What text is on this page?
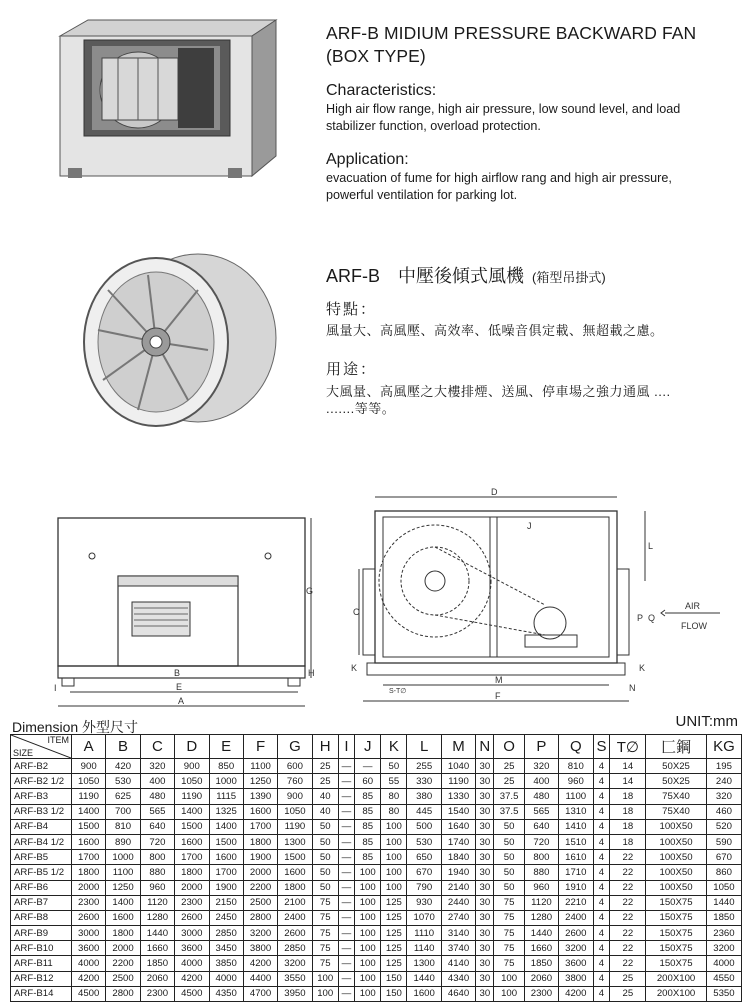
ARF-B MIDIUM PRESSURE BACKWARD FAN
(BOX TYPE)
Characteristics:
High air flow range, high air pressure, low sound level, and load
stabilizer function, overload protection.
Application:
evacuation of fume for high airflow rang and high air pressure,
powerful ventilation for parking lot.
ARF-B　中壓後傾式風機 (箱型吊掛式)
特點：
風量大、高風壓、高效率、低噪音俱定載、無超載之慮。
用途：
大風量、高風壓之大樓排煙、送風、停車場之強力通風 ....
.......等等。
G
H
B
E
A
I
D
J
C
L
P Q
AIR
FLOW
K	K
S-T∅
M
N
F
Dimension 外型尺寸	UNIT:mm
ITEM
SIZE	A	B	C	D	E	F	G	H	I	J	K	L	M	N	O	P	Q	S	T∅	匚鋼	KG
ARF-B2	900	420	320	900	850	1100	600	25	—	—	50	255	1040	30	25	320	810	4	14	50X25	195
ARF-B2 1/2	1050	530	400	1050	1000	1250	760	25	—	60	55	330	1190	30	25	400	960	4	14	50X25	240
ARF-B3	1190	625	480	1190	1115	1390	900	40	—	85	80	380	1330	30	37.5	480	1100	4	18	75X40	320
ARF-B3 1/2	1400	700	565	1400	1325	1600	1050	40	—	85	80	445	1540	30	37.5	565	1310	4	18	75X40	460
ARF-B4	1500	810	640	1500	1400	1700	1190	50	—	85	100	500	1640	30	50	640	1410	4	18	100X50	520
ARF-B4 1/2	1600	890	720	1600	1500	1800	1300	50	—	85	100	530	1740	30	50	720	1510	4	18	100X50	590
ARF-B5	1700	1000	800	1700	1600	1900	1500	50	—	85	100	650	1840	30	50	800	1610	4	22	100X50	670
ARF-B5 1/2	1800	1100	880	1800	1700	2000	1600	50	—	100	100	670	1940	30	50	880	1710	4	22	100X50	860
ARF-B6	2000	1250	960	2000	1900	2200	1800	50	—	100	100	790	2140	30	50	960	1910	4	22	100X50	1050
ARF-B7	2300	1400	1120	2300	2150	2500	2100	75	—	100	125	930	2440	30	75	1120	2210	4	22	150X75	1440
ARF-B8	2600	1600	1280	2600	2450	2800	2400	75	—	100	125	1070	2740	30	75	1280	2400	4	22	150X75	1850
ARF-B9	3000	1800	1440	3000	2850	3200	2600	75	—	100	125	1110	3140	30	75	1440	2600	4	22	150X75	2360
ARF-B10	3600	2000	1660	3600	3450	3800	2850	75	—	100	125	1140	3740	30	75	1660	3200	4	22	150X75	3200
ARF-B11	4000	2200	1850	4000	3850	4200	3200	75	—	100	125	1300	4140	30	75	1850	3600	4	22	150X75	4000
ARF-B12	4200	2500	2060	4200	4000	4400	3550	100	—	100	150	1440	4340	30	100	2060	3800	4	25	200X100	4550
ARF-B14	4500	2800	2300	4500	4350	4700	3950	100	—	100	150	1600	4640	30	100	2300	4200	4	25	200X100	5350
